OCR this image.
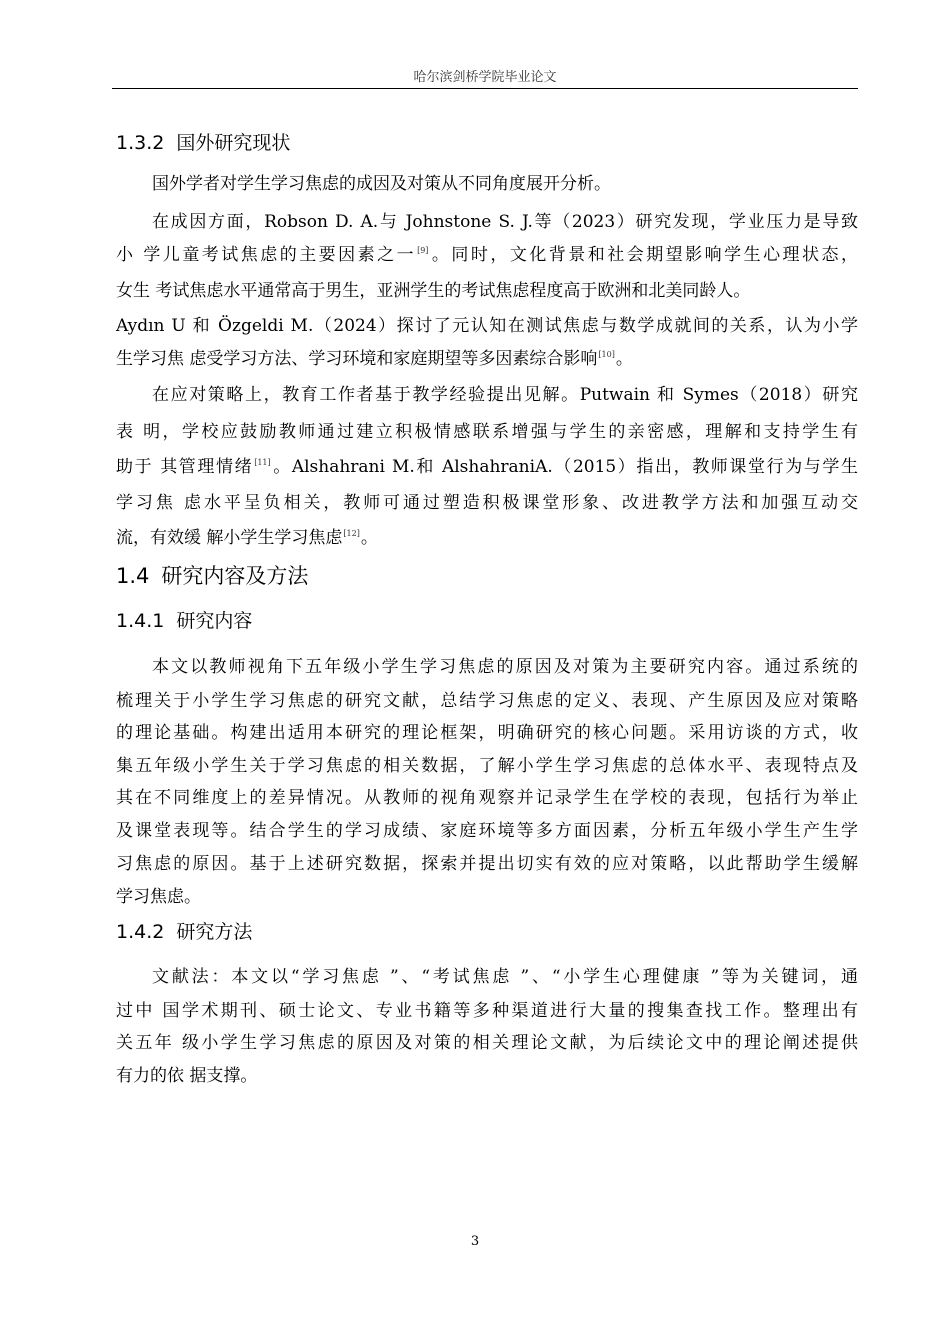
哈尔滨剑桥学院毕业论文
1.3.2 国外研究现状
国外学者对学生学习焦虑的成因及对策从不同角度展开分析。
在成因方面，Robson D. A.与 Johnstone S. J.等（2023）研究发现，学业压力是导致
小 学儿童考试焦虑的主要因素之一[9]。同时，文化背景和社会期望影响学生心理状态，
女生 考试焦虑水平通常高于男生，亚洲学生的考试焦虑程度高于欧洲和北美同龄人。
Aydın U 和 Özgeldi M.（2024）探讨了元认知在测试焦虑与数学成就间的关系，认为小学
生学习焦 虑受学习方法、学习环境和家庭期望等多因素综合影响[10]。
在应对策略上，教育工作者基于教学经验提出见解。Putwain 和 Symes（2018）研究
表 明，学校应鼓励教师通过建立积极情感联系增强与学生的亲密感，理解和支持学生有
助于 其管理情绪[11]。Alshahrani M.和 AlshahraniA.（2015）指出，教师课堂行为与学生
学习焦 虑水平呈负相关，教师可通过塑造积极课堂形象、改进教学方法和加强互动交
流，有效缓 解小学生学习焦虑[12]。
1.4 研究内容及方法
1.4.1 研究内容
本文以教师视角下五年级小学生学习焦虑的原因及对策为主要研究内容。通过系统的
梳理关于小学生学习焦虑的研究文献，总结学习焦虑的定义、表现、产生原因及应对策略
的理论基础。构建出适用本研究的理论框架，明确研究的核心问题。采用访谈的方式，收
集五年级小学生关于学习焦虑的相关数据，了解小学生学习焦虑的总体水平、表现特点及
其在不同维度上的差异情况。从教师的视角观察并记录学生在学校的表现，包括行为举止
及课堂表现等。结合学生的学习成绩、家庭环境等多方面因素，分析五年级小学生产生学
习焦虑的原因。基于上述研究数据，探索并提出切实有效的应对策略，以此帮助学生缓解
学习焦虑。
1.4.2 研究方法
文献法：本文以“学习焦虑 ”、“考试焦虑 ”、“小学生心理健康 ”等为关键词，通
过中 国学术期刊、硕士论文、专业书籍等多种渠道进行大量的搜集查找工作。整理出有
关五年 级小学生学习焦虑的原因及对策的相关理论文献，为后续论文中的理论阐述提供
有力的依 据支撑。
3
